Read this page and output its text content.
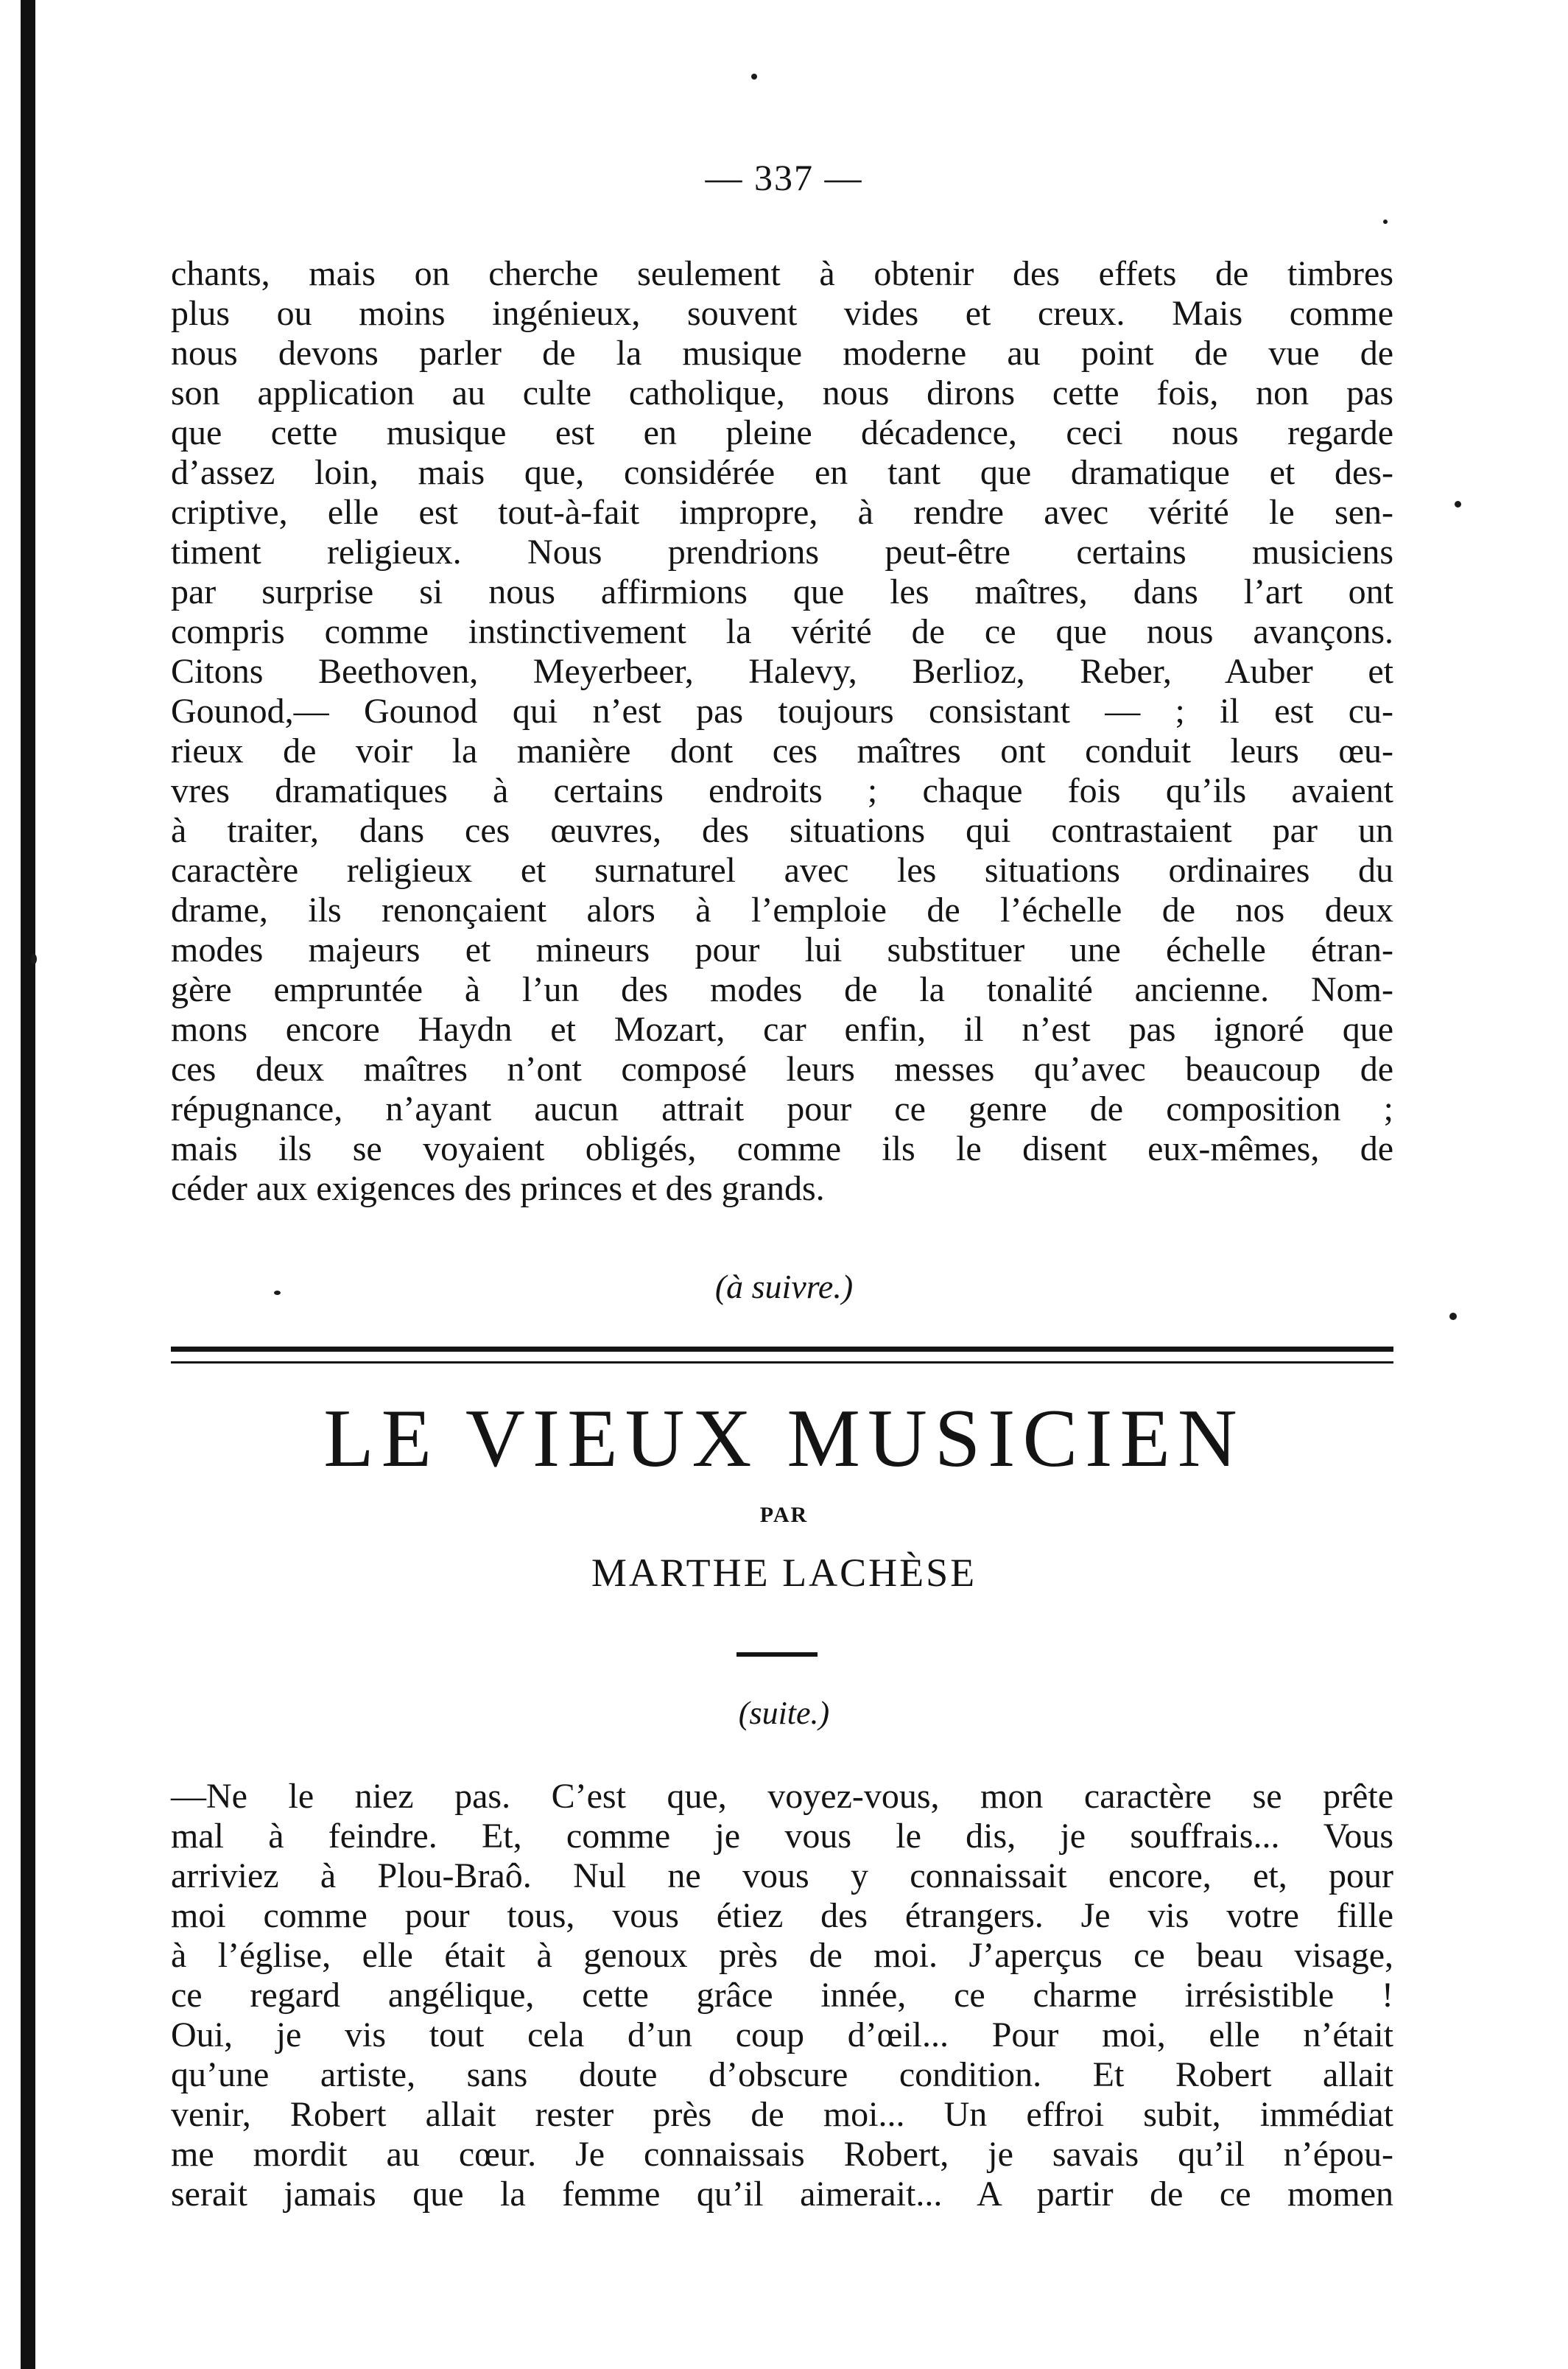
— 337 —
chants, mais on cherche seulement à obtenir des effets de timbres
plus ou moins ingénieux, souvent vides et creux. Mais comme
nous devons parler de la musique moderne au point de vue de
son application au culte catholique, nous dirons cette fois, non pas
que cette musique est en pleine décadence, ceci nous regarde
d’assez loin, mais que, considérée en tant que dramatique et des-
criptive, elle est tout-à-fait impropre, à rendre avec vérité le sen-
timent religieux. Nous prendrions peut-être certains musiciens
par surprise si nous affirmions que les maîtres, dans l’art ont
compris comme instinctivement la vérité de ce que nous avançons.
Citons Beethoven, Meyerbeer, Halevy, Berlioz, Reber, Auber et
Gounod,— Gounod qui n’est pas toujours consistant — ; il est cu-
rieux de voir la manière dont ces maîtres ont conduit leurs œu-
vres dramatiques à certains endroits ; chaque fois qu’ils avaient
à traiter, dans ces œuvres, des situations qui contrastaient par un
caractère religieux et surnaturel avec les situations ordinaires du
drame, ils renonçaient alors à l’emploie de l’échelle de nos deux
modes majeurs et mineurs pour lui substituer une échelle étran-
gère empruntée à l’un des modes de la tonalité ancienne. Nom-
mons encore Haydn et Mozart, car enfin, il n’est pas ignoré que
ces deux maîtres n’ont composé leurs messes qu’avec beaucoup de
répugnance, n’ayant aucun attrait pour ce genre de composition ;
mais ils se voyaient obligés, comme ils le disent eux-mêmes, de
céder aux exigences des princes et des grands.
(à suivre.)
LE VIEUX MUSICIEN
PAR
MARTHE LACHÈSE
(suite.)
—Ne le niez pas. C’est que, voyez-vous, mon caractère se prête
mal à feindre. Et, comme je vous le dis, je souffrais... Vous
arriviez à Plou-Braô. Nul ne vous y connaissait encore, et, pour
moi comme pour tous, vous étiez des étrangers. Je vis votre fille
à l’église, elle était à genoux près de moi. J’aperçus ce beau visage,
ce regard angélique, cette grâce innée, ce charme irrésistible !
Oui, je vis tout cela d’un coup d’œil... Pour moi, elle n’était
qu’une artiste, sans doute d’obscure condition. Et Robert allait
venir, Robert allait rester près de moi... Un effroi subit, immédiat
me mordit au cœur. Je connaissais Robert, je savais qu’il n’épou-
serait jamais que la femme qu’il aimerait... A partir de ce momen
